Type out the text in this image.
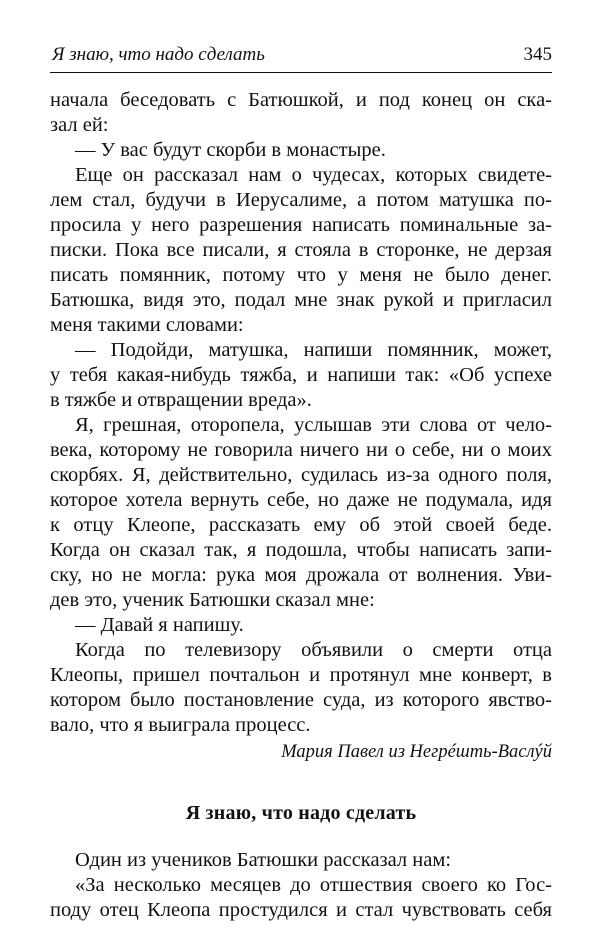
Я знаю, что надо сделать	345
начала беседовать с Батюшкой, и под конец он ска-
зал ей:
— У вас будут скорби в монастыре.
Еще он рассказал нам о чудесах, которых свидете-
лем стал, будучи в Иерусалиме, а потом матушка по-
просила у него разрешения написать поминальные за-
писки. Пока все писали, я стояла в сторонке, не дерзая
писать помянник, потому что у меня не было денег.
Батюшка, видя это, подал мне знак рукой и пригласил
меня такими словами:
— Подойди, матушка, напиши помянник, может,
у тебя какая-нибудь тяжба, и напиши так: «Об успехе
в тяжбе и отвращении вреда».
Я, грешная, оторопела, услышав эти слова от чело-
века, которому не говорила ничего ни о себе, ни о моих
скорбях. Я, действительно, судилась из-за одного поля,
которое хотела вернуть себе, но даже не подумала, идя
к отцу Клеопе, рассказать ему об этой своей беде.
Когда он сказал так, я подошла, чтобы написать запи-
ску, но не могла: рука моя дрожала от волнения. Уви-
дев это, ученик Батюшки сказал мне:
— Давай я напишу.
Когда по телевизору объявили о смерти отца
Клеопы, пришел почтальон и протянул мне конверт, в
котором было постановление суда, из которого явство-
вало, что я выиграла процесс.
Мария Павел из Негрéшть-Васлýй
Я знаю, что надо сделать
Один из учеников Батюшки рассказал нам:
«За несколько месяцев до отшествия своего ко Гос-
поду отец Клеопа простудился и стал чувствовать себя
